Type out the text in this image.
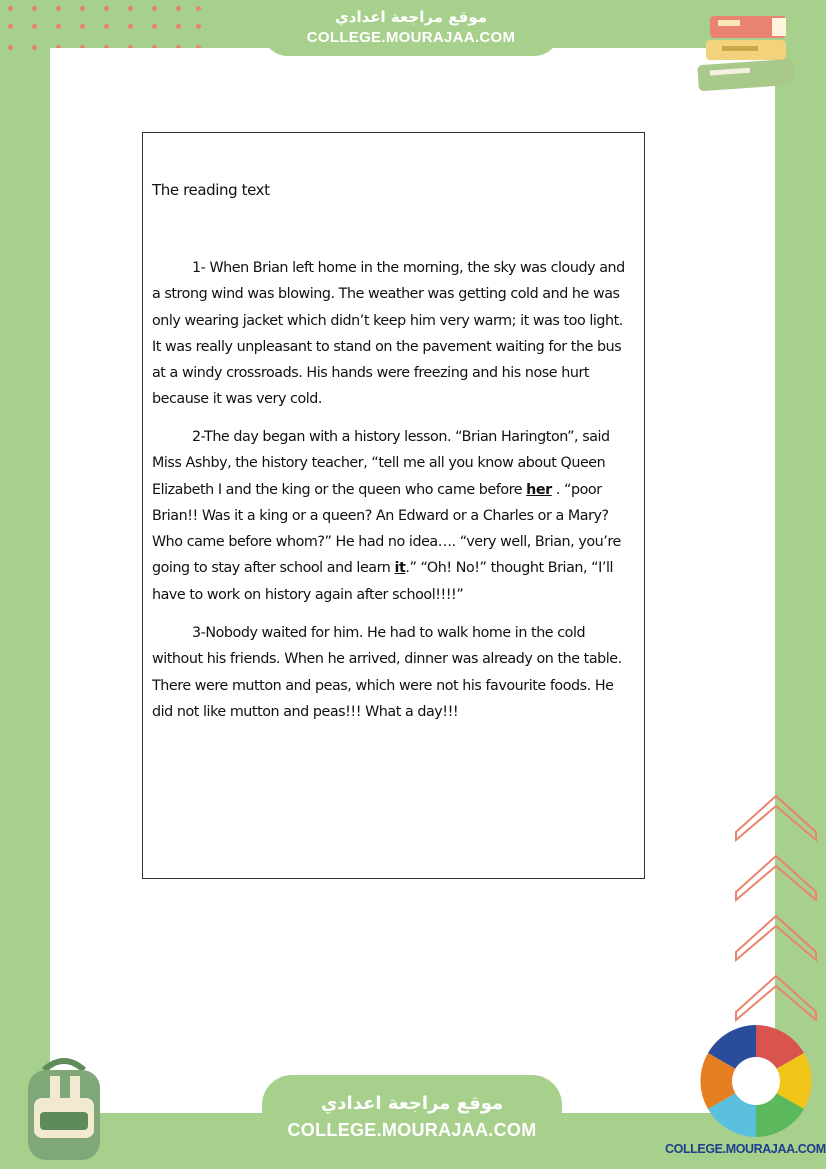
موقع مراجعة اعدادي
COLLEGE.MOURAJAA.COM
The reading text
1- When Brian left home in the morning, the sky was cloudy and
a strong wind was blowing. The weather was getting cold and he was
only wearing jacket which didn’t keep him very warm; it was too light.
It was really unpleasant to stand on the pavement waiting for the bus
at a windy crossroads. His hands were freezing and his nose hurt
because it was very cold.
2-The day began with a history lesson. “Brian Harington”, said
Miss Ashby, the history teacher, “tell me all you know about Queen
Elizabeth I and the king or the queen who came before her . “poor
Brian!! Was it a king or a queen? An Edward or a Charles or a Mary?
Who came before whom?” He had no idea…. “very well, Brian, you’re
going to stay after school and learn it.” “Oh! No!” thought Brian, “I’ll
have to work on history again after school!!!!”
3-Nobody waited for him. He had to walk home in the cold
without his friends. When he arrived, dinner was already on the table.
There were mutton and peas, which were not his favourite foods. He
did not like mutton and peas!!! What a day!!!
موقع مراجعة اعدادي
COLLEGE.MOURAJAA.COM
COLLEGE.MOURAJAA.COM
